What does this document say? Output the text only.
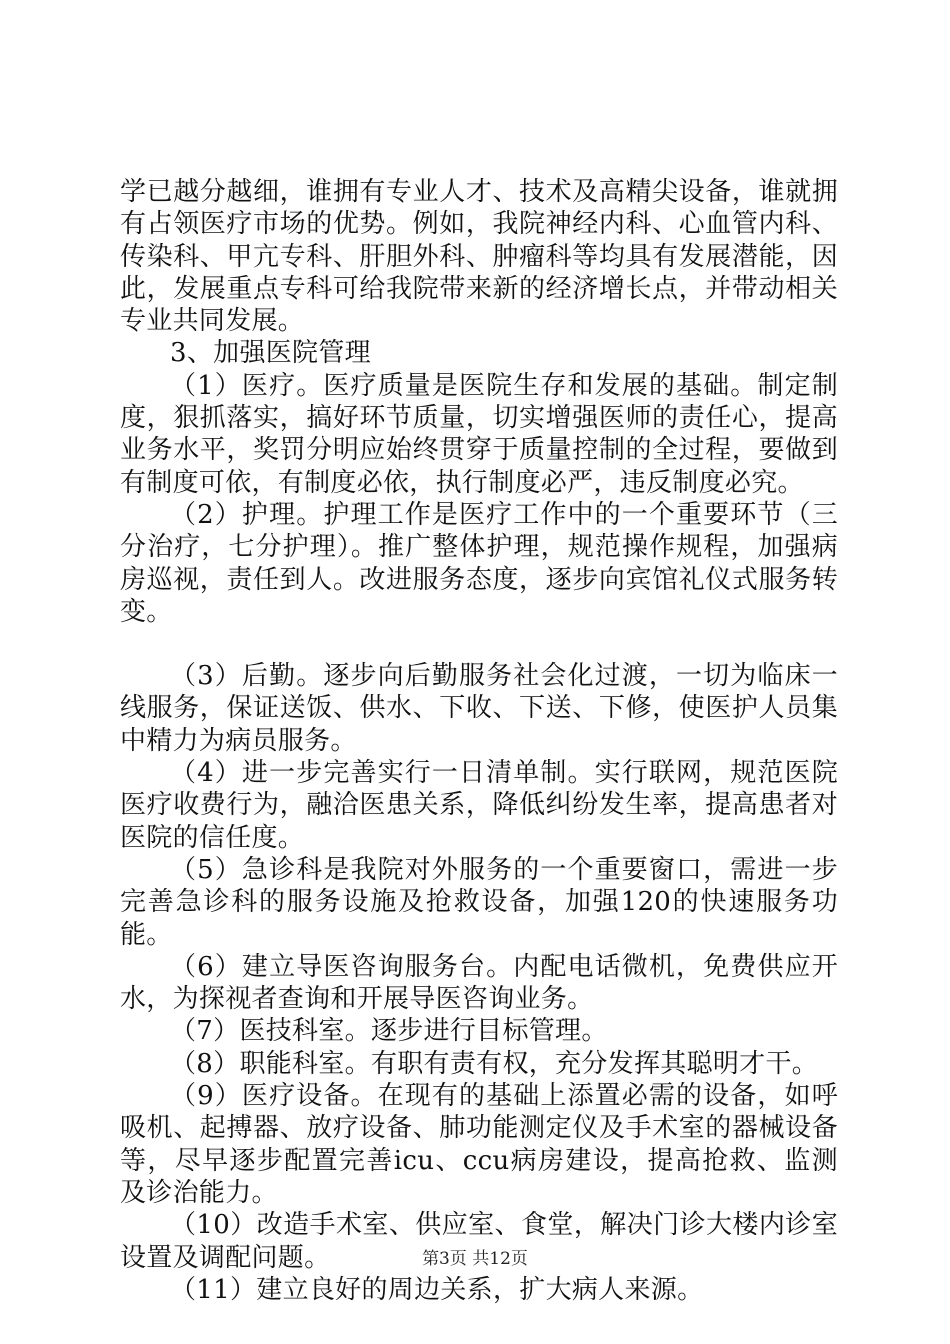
学已越分越细，谁拥有专业人才、技术及高精尖设备，谁就拥有占领医疗市场的优势。例如，我院神经内科、心血管内科、传染科、甲亢专科、肝胆外科、肿瘤科等均具有发展潜能，因此，发展重点专科可给我院带来新的经济增长点，并带动相关专业共同发展。

3、加强医院管理

（1）医疗。医疗质量是医院生存和发展的基础。制定制度，狠抓落实，搞好环节质量，切实增强医师的责任心，提高业务水平，奖罚分明应始终贯穿于质量控制的全过程，要做到有制度可依，有制度必依，执行制度必严，违反制度必究。

（2）护理。护理工作是医疗工作中的一个重要环节（三分治疗，七分护理）。推广整体护理，规范操作规程，加强病房巡视，责任到人。改进服务态度，逐步向宾馆礼仪式服务转变。

（3）后勤。逐步向后勤服务社会化过渡，一切为临床一线服务，保证送饭、供水、下收、下送、下修，使医护人员集中精力为病员服务。

（4）进一步完善实行一日清单制。实行联网，规范医院医疗收费行为，融洽医患关系，降低纠纷发生率，提高患者对医院的信任度。

（5）急诊科是我院对外服务的一个重要窗口，需进一步完善急诊科的服务设施及抢救设备，加强120的快速服务功能。

（6）建立导医咨询服务台。内配电话微机，免费供应开水，为探视者查询和开展导医咨询业务。

（7）医技科室。逐步进行目标管理。

（8）职能科室。有职有责有权，充分发挥其聪明才干。

（9）医疗设备。在现有的基础上添置必需的设备，如呼吸机、起搏器、放疗设备、肺功能测定仪及手术室的器械设备等，尽早逐步配置完善icu、ccu病房建设，提高抢救、监测及诊治能力。

（10）改造手术室、供应室、食堂，解决门诊大楼内诊室设置及调配问题。

（11）建立良好的周边关系，扩大病人来源。

第3页 共12页
